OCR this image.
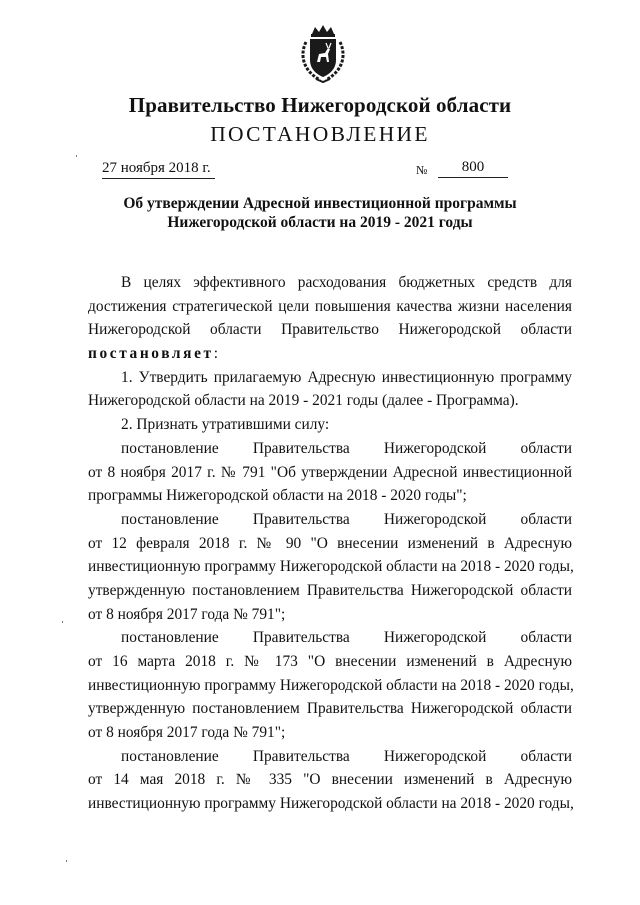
Правительство Нижегородской области
ПОСТАНОВЛЕНИЕ
27 ноября 2018 г.	№	800
Об утверждении Адресной инвестиционной программы
Нижегородской области на 2019 - 2021 годы
В целях эффективного расходования бюджетных средств для
достижения стратегической цели повышения качества жизни населения
Нижегородской области Правительство Нижегородской области
постановляет:
1. Утвердить прилагаемую Адресную инвестиционную программу
Нижегородской области на 2019 - 2021 годы (далее - Программа).
2. Признать утратившими силу:
постановление Правительства Нижегородской области
от 8 ноября 2017 г. № 791 "Об утверждении Адресной инвестиционной
программы Нижегородской области на 2018 - 2020 годы";
постановление Правительства Нижегородской области
от 12 февраля 2018 г. № 90 "О внесении изменений в Адресную
инвестиционную программу Нижегородской области на 2018 - 2020 годы,
утвержденную постановлением Правительства Нижегородской области
от 8 ноября 2017 года № 791";
постановление Правительства Нижегородской области
от 16 марта 2018 г. № 173 "О внесении изменений в Адресную
инвестиционную программу Нижегородской области на 2018 - 2020 годы,
утвержденную постановлением Правительства Нижегородской области
от 8 ноября 2017 года № 791";
постановление Правительства Нижегородской области
от 14 мая 2018 г. № 335 "О внесении изменений в Адресную
инвестиционную программу Нижегородской области на 2018 - 2020 годы,
